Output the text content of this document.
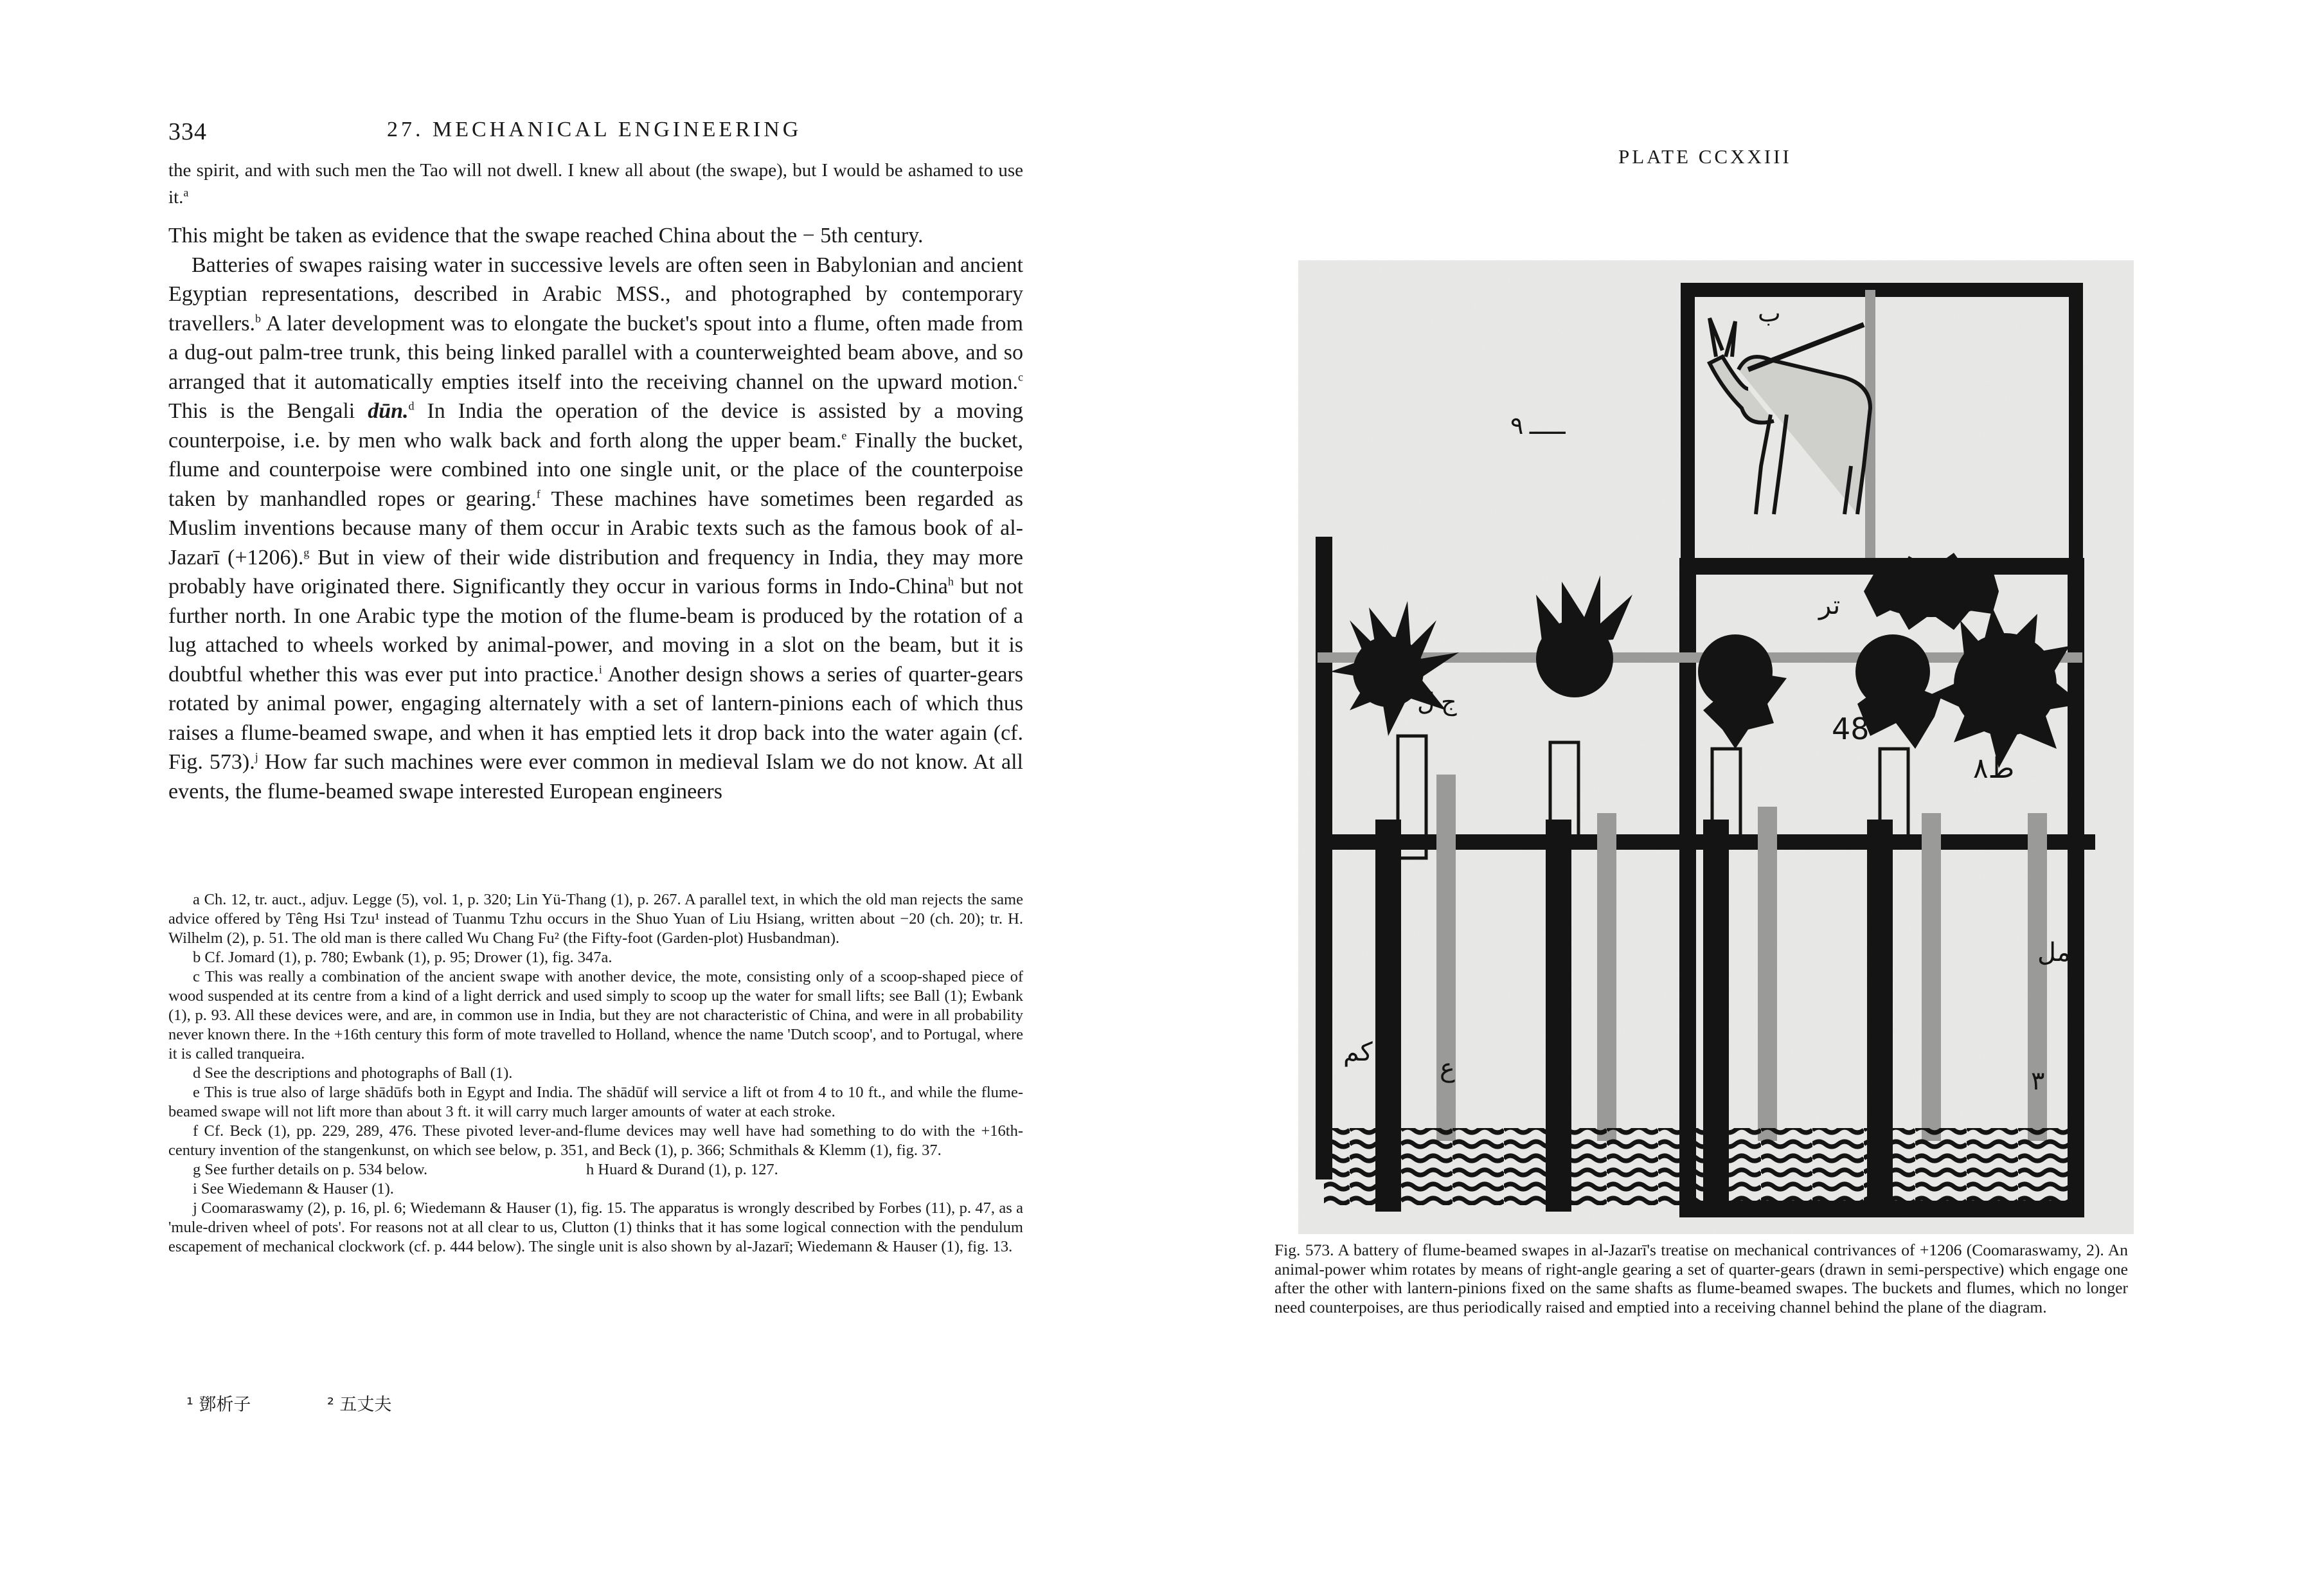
334	27. MECHANICAL ENGINEERING
the spirit, and with such men the Tao will not dwell. I knew all about (the swape), but I would be ashamed to use it.$^a$

This might be taken as evidence that the swape reached China about the − 5th century.

Batteries of swapes raising water in successive levels are often seen in Babylonian and ancient Egyptian representations, described in Arabic MSS., and photographed by contemporary travellers.$^b$ A later development was to elongate the bucket's spout into a flume, often made from a dug-out palm-tree trunk, this being linked parallel with a counterweighted beam above, and so arranged that it automatically empties itself into the receiving channel on the upward motion.$^c$ This is the Bengali dūn.$^d$ In India the operation of the device is assisted by a moving counterpoise, i.e. by men who walk back and forth along the upper beam.$^e$ Finally the bucket, flume and counterpoise were combined into one single unit, or the place of the counterpoise taken by manhandled ropes or gearing.$^f$ These machines have sometimes been regarded as Muslim inventions because many of them occur in Arabic texts such as the famous book of al-Jazarī (+1206).$^g$ But in view of their wide distribution and frequency in India, they may more probably have originated there. Significantly they occur in various forms in Indo-China$^h$ but not further north. In one Arabic type the motion of the flume-beam is produced by the rotation of a lug attached to wheels worked by animal-power, and moving in a slot on the beam, but it is doubtful whether this was ever put into practice.$^i$ Another design shows a series of quarter-gears rotated by animal power, engaging alternately with a set of lantern-pinions each of which thus raises a flume-beamed swape, and when it has emptied lets it drop back into the water again (cf. Fig. 573).$^j$ How far such machines were ever common in medieval Islam we do not know. At all events, the flume-beamed swape interested European engineers

a Ch. 12, tr. auct., adjuv. Legge (5), vol. 1, p. 320; Lin Yü-Thang (1), p. 267. A parallel text, in which the old man rejects the same advice offered by Têng Hsi Tzu¹ instead of Tuanmu Tzhu occurs in the Shuo Yuan of Liu Hsiang, written about −20 (ch. 20); tr. H. Wilhelm (2), p. 51. The old man is there called Wu Chang Fu² (the Fifty-foot (Garden-plot) Husbandman).

b Cf. Jomard (1), p. 780; Ewbank (1), p. 95; Drower (1), fig. 347a.

c This was really a combination of the ancient swape with another device, the mote, consisting only of a scoop-shaped piece of wood suspended at its centre from a kind of a light derrick and used simply to scoop up the water for small lifts; see Ball (1); Ewbank (1), p. 93. All these devices were, and are, in common use in India, but they are not characteristic of China, and were in all probability never known there. In the +16th century this form of mote travelled to Holland, whence the name 'Dutch scoop', and to Portugal, where it is called tranqueira.

d See the descriptions and photographs of Ball (1).

e This is true also of large shādūfs both in Egypt and India. The shādūf will service a lift ot from 4 to 10 ft., and while the flume-beamed swape will not lift more than about 3 ft. it will carry much larger amounts of water at each stroke.

f Cf. Beck (1), pp. 229, 289, 476. These pivoted lever-and-flume devices may well have had something to do with the +16th-century invention of the stangenkunst, on which see below, p. 351, and Beck (1), p. 366; Schmithals & Klemm (1), fig. 37.

g See further details on p. 534 below.	h Huard & Durand (1), p. 127.

i See Wiedemann & Hauser (1).

j Coomaraswamy (2), p. 16, pl. 6; Wiedemann & Hauser (1), fig. 15. The apparatus is wrongly described by Forbes (11), p. 47, as a 'mule-driven wheel of pots'. For reasons not at all clear to us, Clutton (1) thinks that it has some logical connection with the pendulum escapement of mechanical clockwork (cf. p. 444 below). The single unit is also shown by al-Jazarī; Wiedemann & Hauser (1), fig. 13.

¹ 鄧析子	² 五丈夫
PLATE CCXXIII
ب
ـــــ ٩
48
تر
ط٨
ج ل
كم
ع
مل
٣

Fig. 573. A battery of flume-beamed swapes in al-Jazarī's treatise on mechanical contrivances of +1206 (Coomaraswamy, 2). An animal-power whim rotates by means of right-angle gearing a set of quarter-gears (drawn in semi-perspective) which engage one after the other with lantern-pinions fixed on the same shafts as flume-beamed swapes. The buckets and flumes, which no longer need counterpoises, are thus periodically raised and emptied into a receiving channel behind the plane of the diagram.
